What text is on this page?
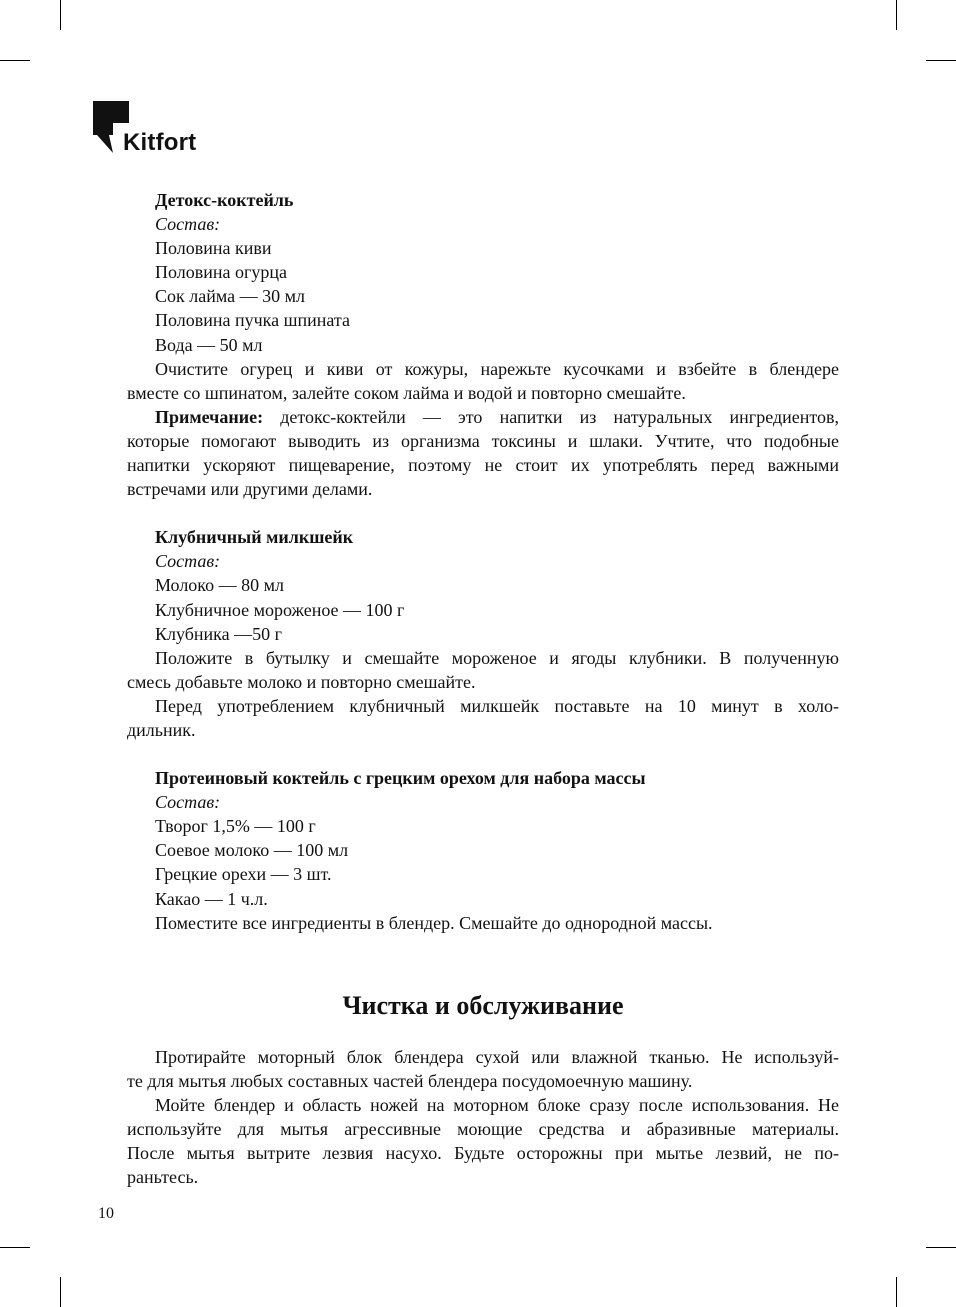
Kitfort
Детокс-коктейль
Состав:
Половина киви
Половина огурца
Сок лайма — 30 мл
Половина пучка шпината
Вода — 50 мл
Очистите огурец и киви от кожуры, нарежьте кусочками и взбейте в блендере
вместе со шпинатом, залейте соком лайма и водой и повторно смешайте.
Примечание: детокс-коктейли — это напитки из натуральных ингредиентов,
которые помогают выводить из организма токсины и шлаки. Учтите, что подобные
напитки ускоряют пищеварение, поэтому не стоит их употреблять перед важными
встречами или другими делами.
Клубничный милкшейк
Состав:
Молоко — 80 мл
Клубничное мороженое — 100 г
Клубника —50 г
Положите в бутылку и смешайте мороженое и ягоды клубники. В полученную
смесь добавьте молоко и повторно смешайте.
Перед употреблением клубничный милкшейк поставьте на 10 минут в холо-
дильник.
Протеиновый коктейль с грецким орехом для набора массы
Состав:
Творог 1,5% — 100 г
Соевое молоко — 100 мл
Грецкие орехи — 3 шт.
Какао — 1 ч.л.
Поместите все ингредиенты в блендер. Смешайте до однородной массы.
Чистка и обслуживание
Протирайте моторный блок блендера сухой или влажной тканью. Не используй-
те для мытья любых составных частей блендера посудомоечную машину.
Мойте блендер и область ножей на моторном блоке сразу после использования. Не
используйте для мытья агрессивные моющие средства и абразивные материалы.
После мытья вытрите лезвия насухо. Будьте осторожны при мытье лезвий, не по-
раньтесь.
10
